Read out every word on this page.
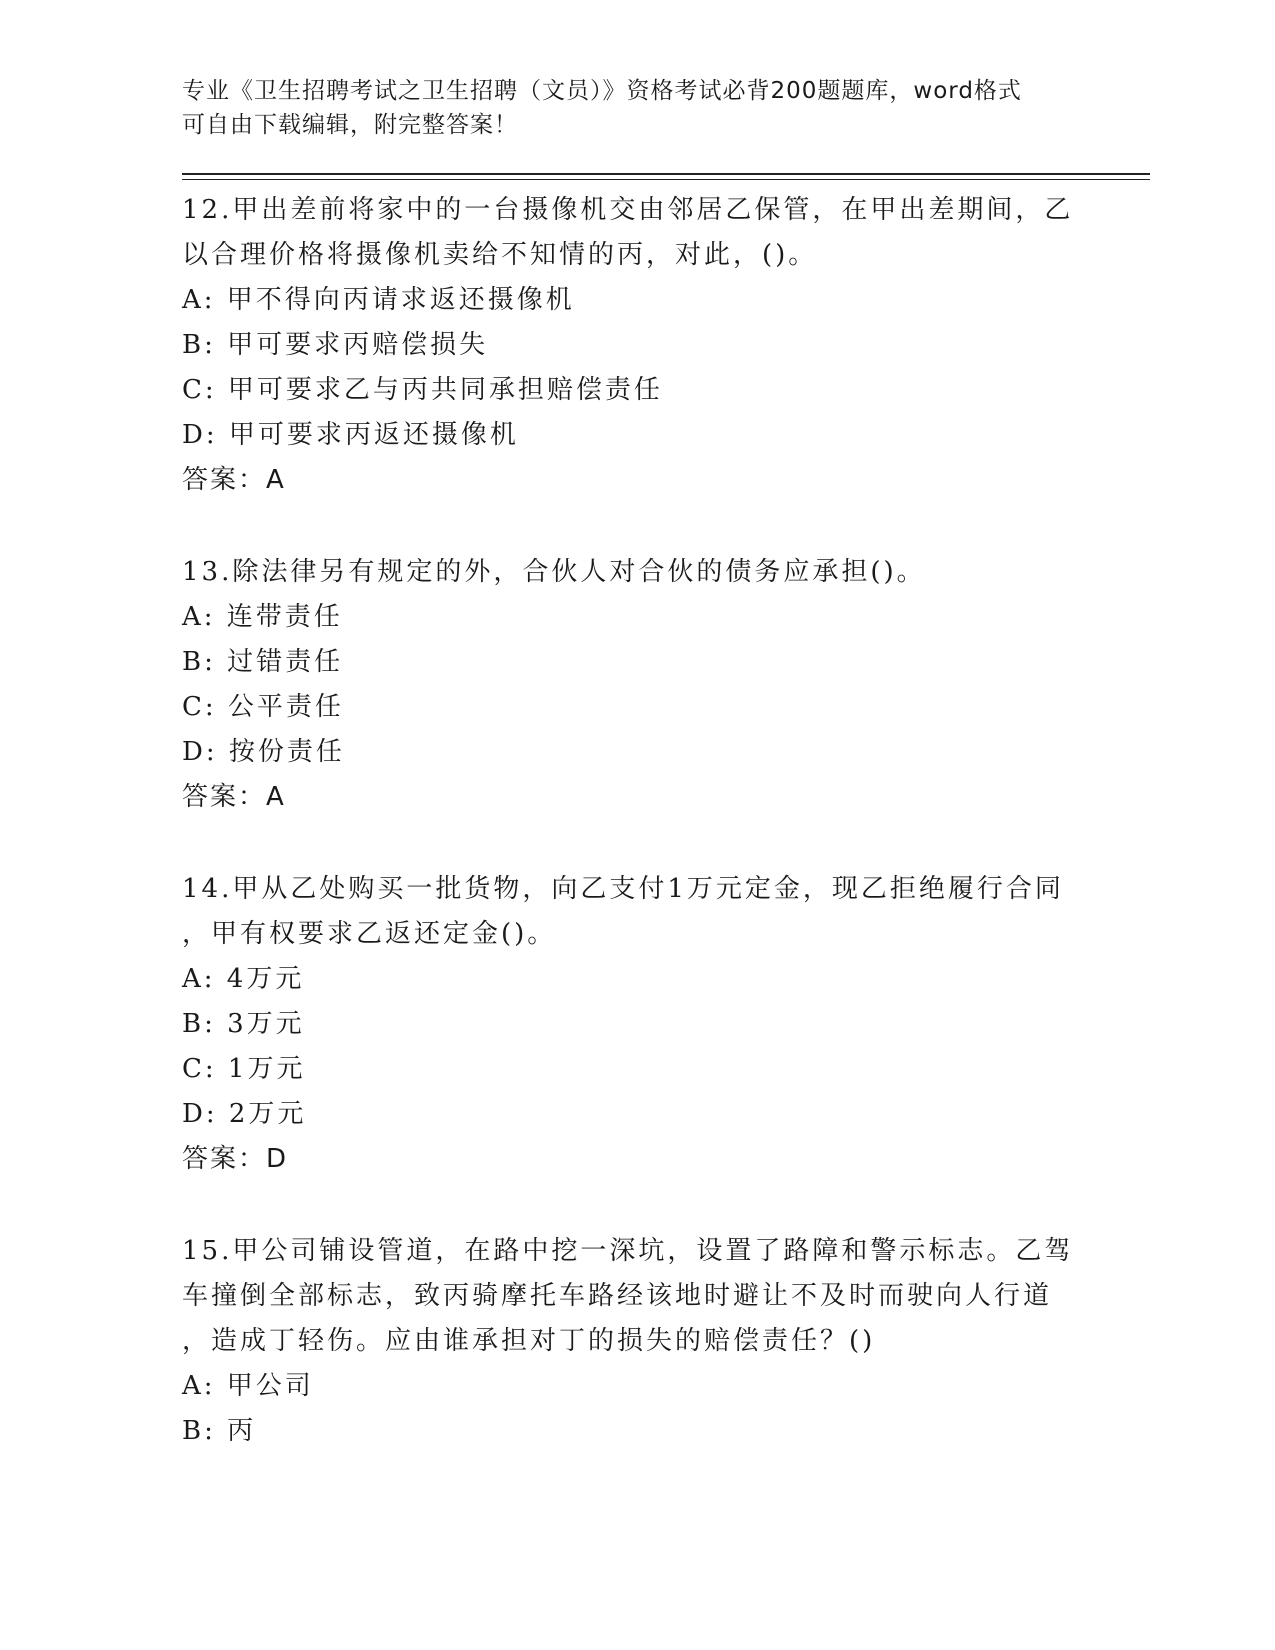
专业《卫生招聘考试之卫生招聘（文员）》资格考试必背200题题库，word格式
可自由下载编辑，附完整答案！

12.甲出差前将家中的一台摄像机交由邻居乙保管，在甲出差期间，乙

以合理价格将摄像机卖给不知情的丙，对此，()。

A: 甲不得向丙请求返还摄像机

B: 甲可要求丙赔偿损失

C: 甲可要求乙与丙共同承担赔偿责任

D: 甲可要求丙返还摄像机

答案：A

13.除法律另有规定的外，合伙人对合伙的债务应承担()。

A: 连带责任

B: 过错责任

C: 公平责任

D: 按份责任

答案：A

14.甲从乙处购买一批货物，向乙支付1万元定金，现乙拒绝履行合同

，甲有权要求乙返还定金()。

A: 4万元

B: 3万元

C: 1万元

D: 2万元

答案：D

15.甲公司铺设管道，在路中挖一深坑，设置了路障和警示标志。乙驾

车撞倒全部标志，致丙骑摩托车路经该地时避让不及时而驶向人行道

，造成丁轻伤。应由谁承担对丁的损失的赔偿责任？()

A: 甲公司

B: 丙
